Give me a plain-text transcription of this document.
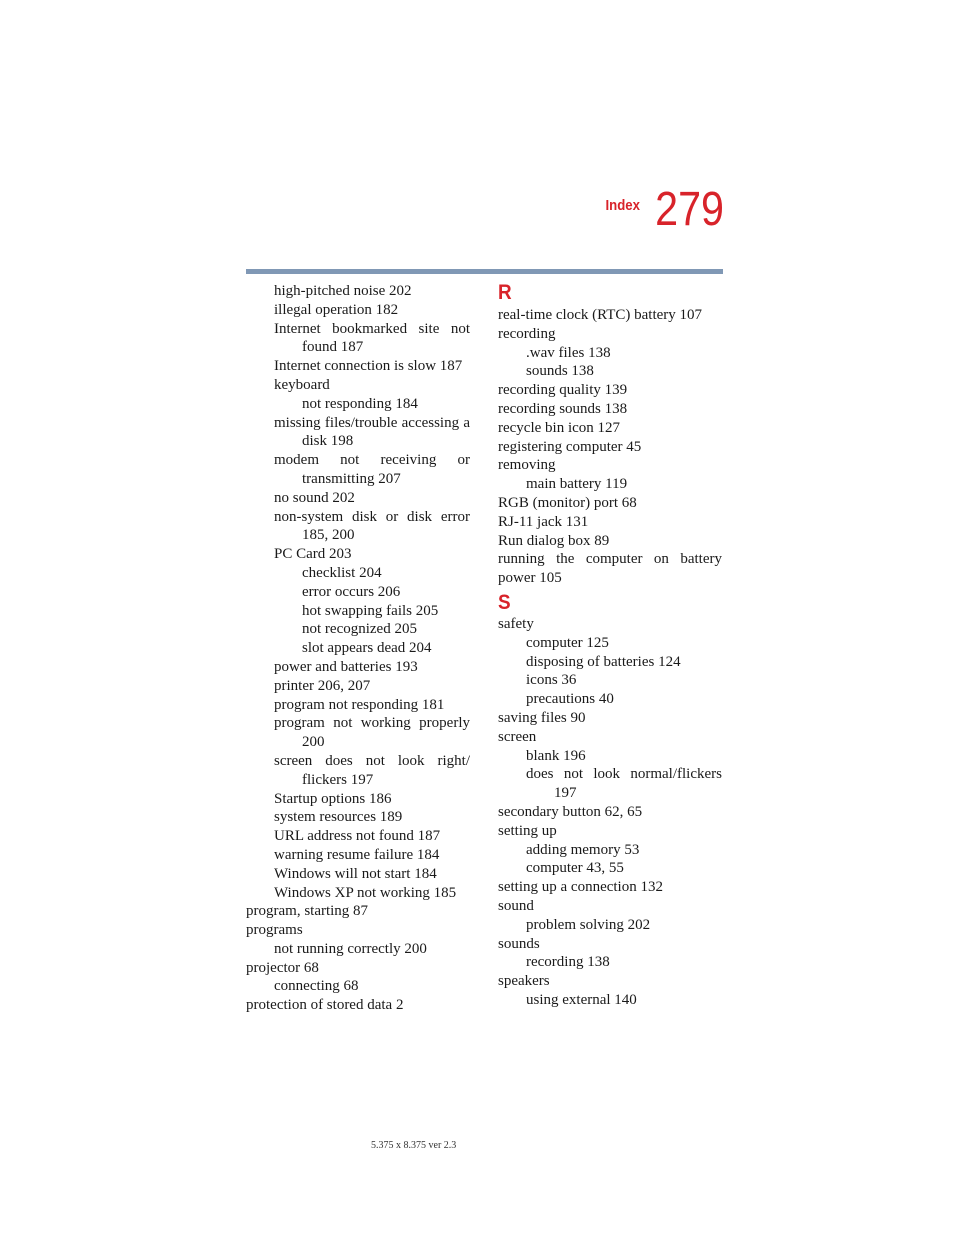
Index 279
high-pitched noise 202
illegal operation 182
Internet bookmarked site not found 187
Internet connection is slow 187
keyboard
not responding 184
missing files/trouble accessing a disk 198
modem not receiving or transmitting 207
no sound 202
non-system disk or disk error 185, 200
PC Card 203
checklist 204
error occurs 206
hot swapping fails 205
not recognized 205
slot appears dead 204
power and batteries 193
printer 206, 207
program not responding 181
program not working properly 200
screen does not look right/ flickers 197
Startup options 186
system resources 189
URL address not found 187
warning resume failure 184
Windows will not start 184
Windows XP not working 185
program, starting 87
programs
not running correctly 200
projector 68
connecting 68
protection of stored data 2
R
real-time clock (RTC) battery 107
recording
.wav files 138
sounds 138
recording quality 139
recording sounds 138
recycle bin icon 127
registering computer 45
removing
main battery 119
RGB (monitor) port 68
RJ-11 jack 131
Run dialog box 89
running the computer on battery power 105
S
safety
computer 125
disposing of batteries 124
icons 36
precautions 40
saving files 90
screen
blank 196
does not look normal/flickers 197
secondary button 62, 65
setting up
adding memory 53
computer 43, 55
setting up a connection 132
sound
problem solving 202
sounds
recording 138
speakers
using external 140
5.375 x 8.375 ver 2.3
